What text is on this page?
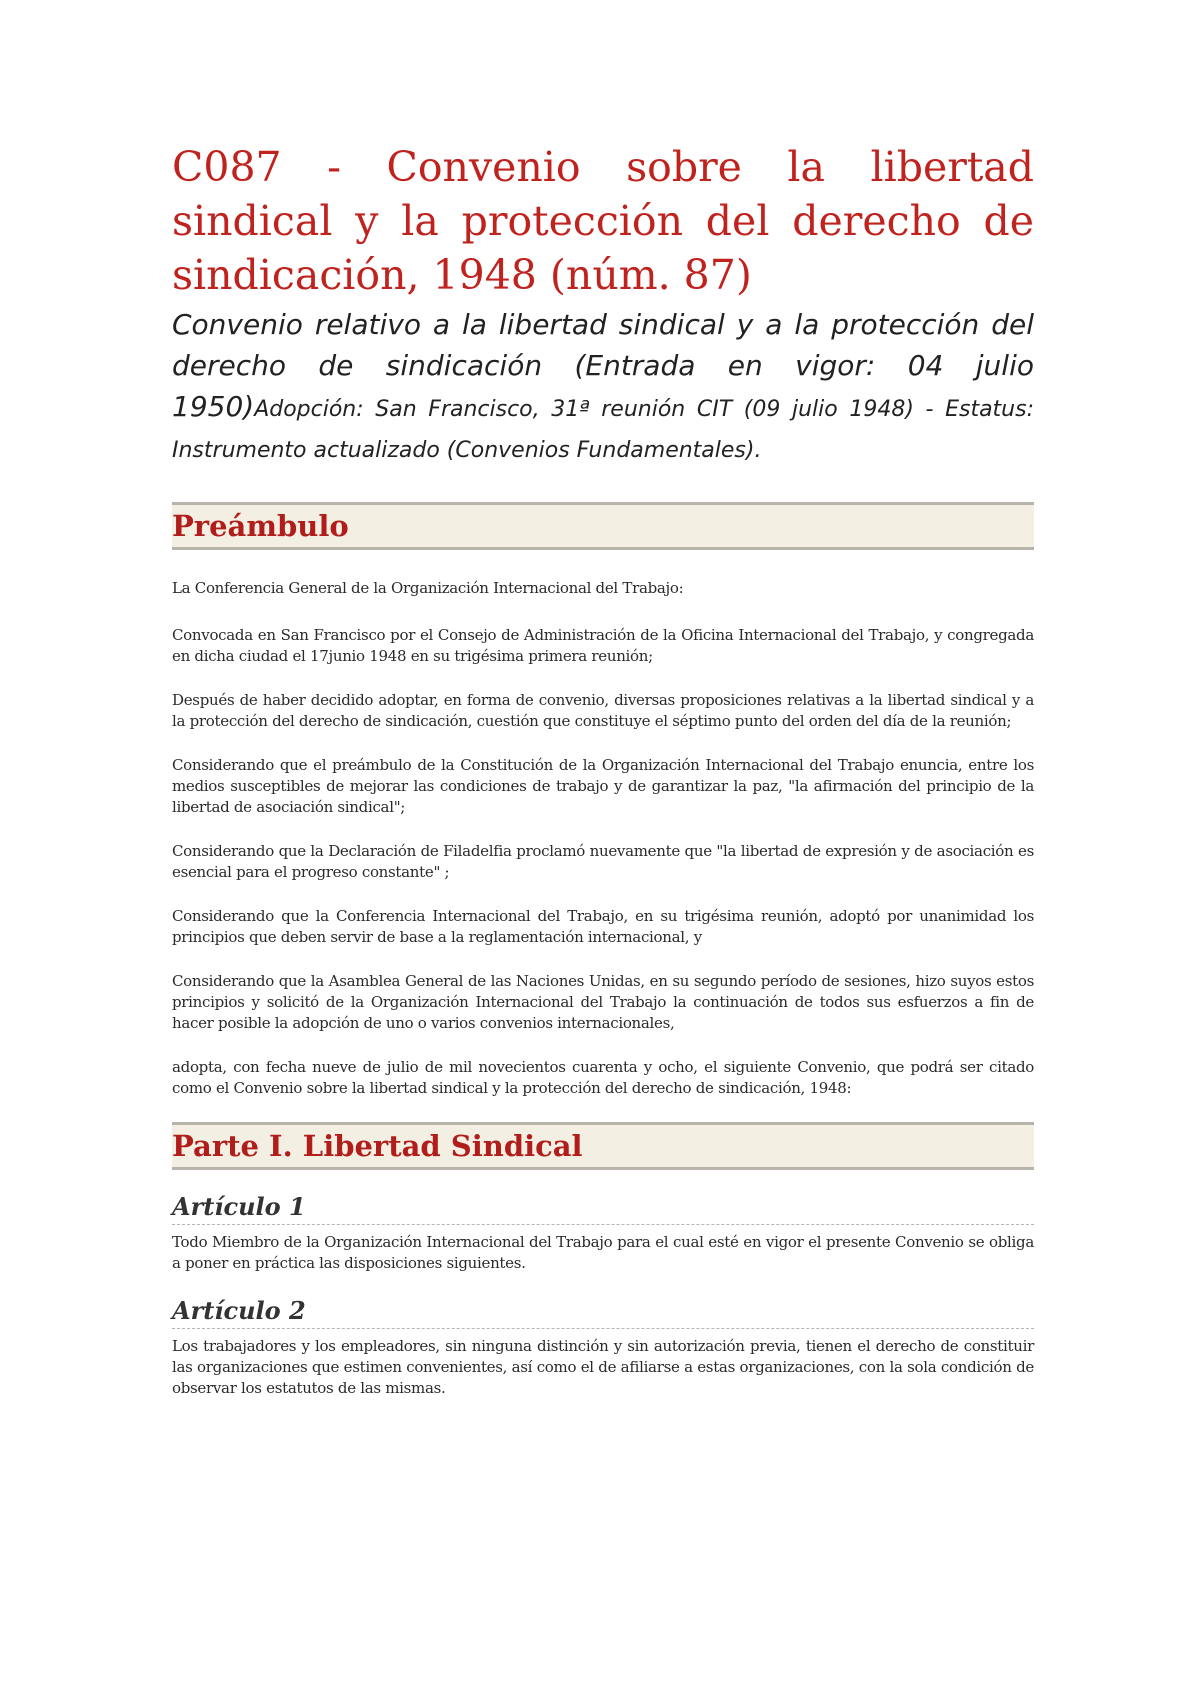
C087 - Convenio sobre la libertad sindical y la protección del derecho de sindicación, 1948 (núm. 87)

Convenio relativo a la libertad sindical y a la protección del derecho de sindicación (Entrada en vigor: 04 julio 1950)Adopción: San Francisco, 31ª reunión CIT (09 julio 1948) - Estatus: Instrumento actualizado (Convenios Fundamentales).

Preámbulo

La Conferencia General de la Organización Internacional del Trabajo:

Convocada en San Francisco por el Consejo de Administración de la Oficina Internacional del Trabajo, y congregada en dicha ciudad el 17junio 1948 en su trigésima primera reunión;

Después de haber decidido adoptar, en forma de convenio, diversas proposiciones relativas a la libertad sindical y a la protección del derecho de sindicación, cuestión que constituye el séptimo punto del orden del día de la reunión;

Considerando que el preámbulo de la Constitución de la Organización Internacional del Trabajo enuncia, entre los medios susceptibles de mejorar las condiciones de trabajo y de garantizar la paz, "la afirmación del principio de la libertad de asociación sindical";

Considerando que la Declaración de Filadelfia proclamó nuevamente que "la libertad de expresión y de asociación es esencial para el progreso constante" ;

Considerando que la Conferencia Internacional del Trabajo, en su trigésima reunión, adoptó por unanimidad los principios que deben servir de base a la reglamentación internacional, y

Considerando que la Asamblea General de las Naciones Unidas, en su segundo período de sesiones, hizo suyos estos principios y solicitó de la Organización Internacional del Trabajo la continuación de todos sus esfuerzos a fin de hacer posible la adopción de uno o varios convenios internacionales,

adopta, con fecha nueve de julio de mil novecientos cuarenta y ocho, el siguiente Convenio, que podrá ser citado como el Convenio sobre la libertad sindical y la protección del derecho de sindicación, 1948:

Parte I. Libertad Sindical
Artículo 1

Todo Miembro de la Organización Internacional del Trabajo para el cual esté en vigor el presente Convenio se obliga a poner en práctica las disposiciones siguientes.

Artículo 2

Los trabajadores y los empleadores, sin ninguna distinción y sin autorización previa, tienen el derecho de constituir las organizaciones que estimen convenientes, así como el de afiliarse a estas organizaciones, con la sola condición de observar los estatutos de las mismas.
